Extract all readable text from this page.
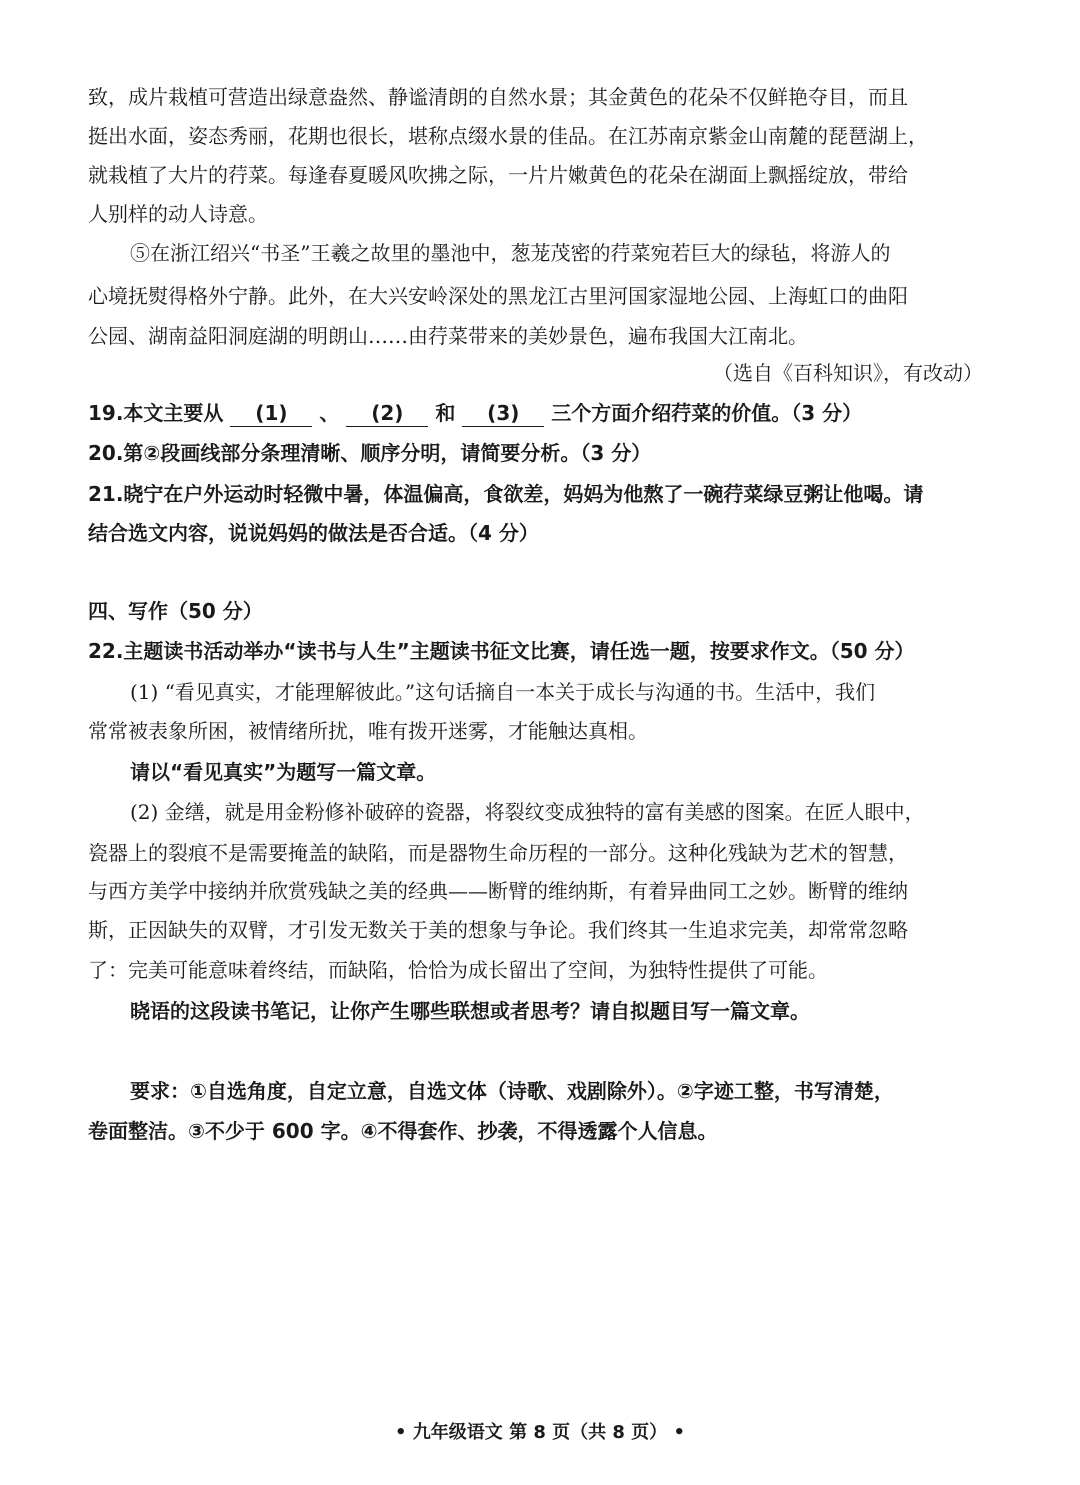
致，成片栽植可营造出绿意盎然、静谧清朗的自然水景；其金黄色的花朵不仅鲜艳夺目，而且
挺出水面，姿态秀丽，花期也很长，堪称点缀水景的佳品。在江苏南京紫金山南麓的琵琶湖上，
就栽植了大片的荇菜。每逢春夏暖风吹拂之际，一片片嫩黄色的花朵在湖面上飘摇绽放，带给
人别样的动人诗意。
⑤在浙江绍兴“书圣”王羲之故里的墨池中，葱茏茂密的荇菜宛若巨大的绿毡，将游人的
心境抚熨得格外宁静。此外，在大兴安岭深处的黑龙江古里河国家湿地公园、上海虹口的曲阳
公园、湖南益阳洞庭湖的明朗山……由荇菜带来的美妙景色，遍布我国大江南北。
（选自《百科知识》，有改动）
19.本文主要从 (1) 、 (2) 和 (3) 三个方面介绍荇菜的价值。（3 分）
20.第②段画线部分条理清晰、顺序分明，请简要分析。（3 分）
21.晓宁在户外运动时轻微中暑，体温偏高，食欲差，妈妈为他熬了一碗荇菜绿豆粥让他喝。请
结合选文内容，说说妈妈的做法是否合适。（4 分）
四、写作（50 分）
22.主题读书活动举办“读书与人生”主题读书征文比赛，请任选一题，按要求作文。（50 分）
(1) “看见真实，才能理解彼此。”这句话摘自一本关于成长与沟通的书。生活中，我们
常常被表象所困，被情绪所扰，唯有拨开迷雾，才能触达真相。
请以“看见真实”为题写一篇文章。
(2) 金缮，就是用金粉修补破碎的瓷器，将裂纹变成独特的富有美感的图案。在匠人眼中，
瓷器上的裂痕不是需要掩盖的缺陷，而是器物生命历程的一部分。这种化残缺为艺术的智慧，
与西方美学中接纳并欣赏残缺之美的经典——断臂的维纳斯，有着异曲同工之妙。断臂的维纳
斯，正因缺失的双臂，才引发无数关于美的想象与争论。我们终其一生追求完美，却常常忽略
了：完美可能意味着终结，而缺陷，恰恰为成长留出了空间，为独特性提供了可能。
晓语的这段读书笔记，让你产生哪些联想或者思考？请自拟题目写一篇文章。
要求：①自选角度，自定立意，自选文体（诗歌、戏剧除外）。②字迹工整，书写清楚，
卷面整洁。③不少于 600 字。④不得套作、抄袭，不得透露个人信息。
• 九年级语文 第 8 页（共 8 页） •
